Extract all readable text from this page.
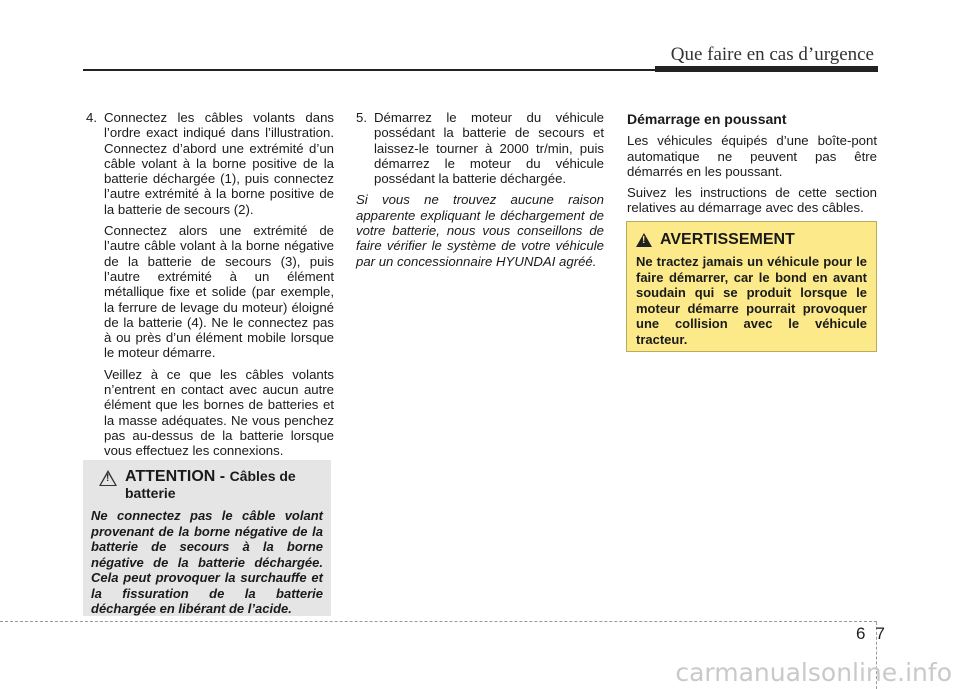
Que faire en cas d’urgence
4. Connectez les câbles volants dans l’ordre exact indiqué dans l’illustration. Connectez d’abord une extrémité d’un câble volant à la borne positive de la batterie déchargée (1), puis connectez l’autre extrémité à la borne positive de la batterie de secours (2).

Connectez alors une extrémité de l’autre câble volant à la borne négative de la batterie de secours (3), puis l’autre extrémité à un élément métallique fixe et solide (par exemple, la ferrure de levage du moteur) éloigné de la batterie (4). Ne le connectez pas à ou près d’un élément mobile lorsque le moteur démarre.

Veillez à ce que les câbles volants n’entrent en contact avec aucun autre élément que les bornes de batteries et la masse adéquates. Ne vous penchez pas au-dessus de la batterie lorsque vous effectuez les connexions.

!
ATTENTION - Câbles de batterie
Ne connectez pas le câble volant provenant de la borne négative de la batterie de secours à la borne négative de la batterie déchargée. Cela peut provoquer la surchauffe et la fissuration de la batterie déchargée en libérant de l’acide.
5. Démarrez le moteur du véhicule possédant la batterie de secours et laissez-le tourner à 2000 tr/min, puis démarrez le moteur du véhicule possédant la batterie déchargée.

Si vous ne trouvez aucune raison apparente expliquant le déchargement de votre batterie, nous vous conseillons de faire vérifier le système de votre véhicule par un concessionnaire HYUNDAI agréé.

Démarrage en poussant

Les véhicules équipés d’une boîte-pont automatique ne peuvent pas être démarrés en les poussant.

Suivez les instructions de cette section relatives au démarrage avec des câbles.

!
AVERTISSEMENT
Ne tractez jamais un véhicule pour le faire démarrer, car le bond en avant soudain qui se produit lorsque le moteur démarre pourrait provoquer une collision avec le véhicule tracteur.
6 7
carmanualsonline.info
